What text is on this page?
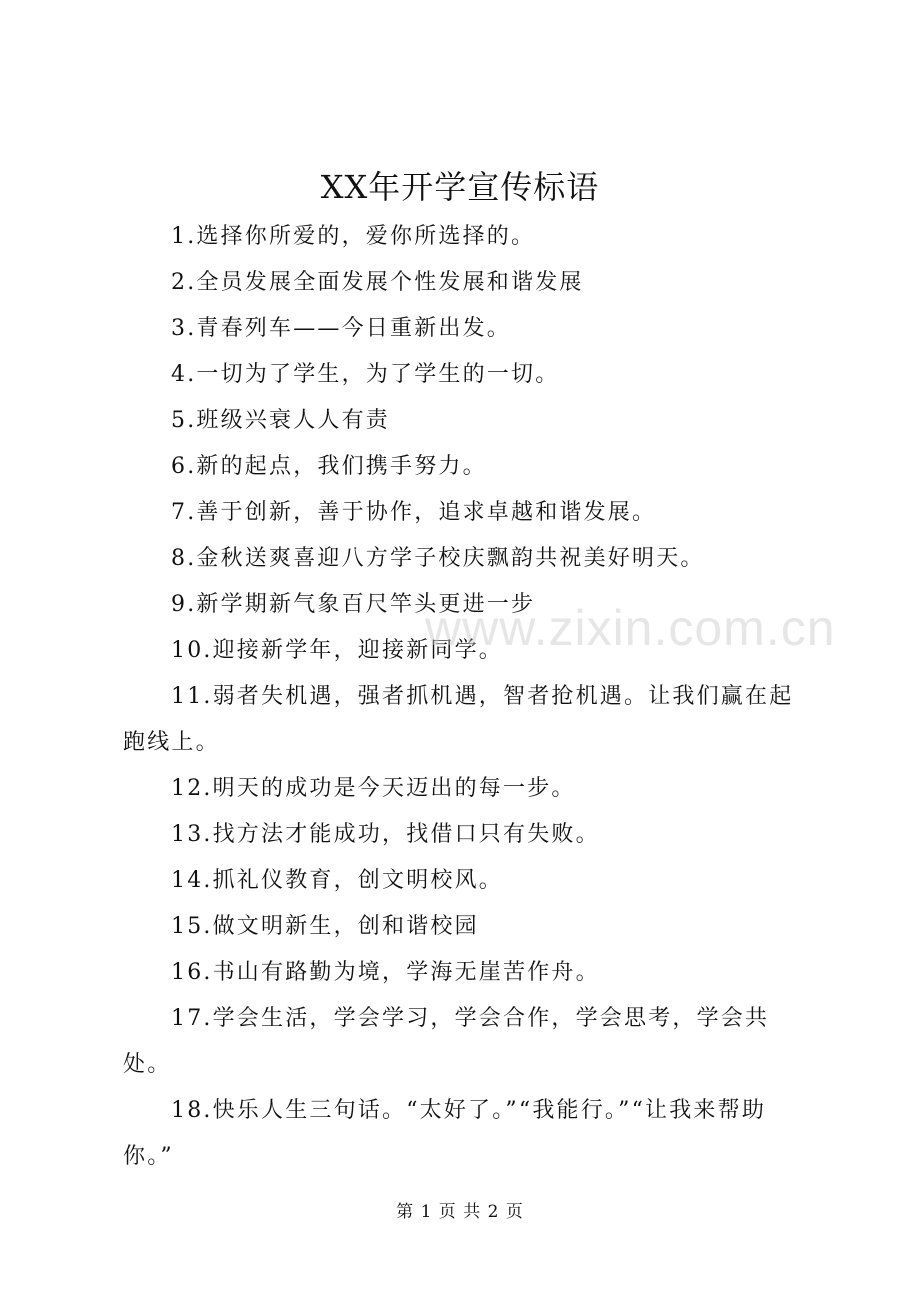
XX年开学宣传标语

1.选择你所爱的，爱你所选择的。

2.全员发展全面发展个性发展和谐发展

3.青春列车——今日重新出发。

4.一切为了学生，为了学生的一切。

5.班级兴衰人人有责

6.新的起点，我们携手努力。

7.善于创新，善于协作，追求卓越和谐发展。

8.金秋送爽喜迎八方学子校庆飘韵共祝美好明天。

9.新学期新气象百尺竿头更进一步

10.迎接新学年，迎接新同学。

11.弱者失机遇，强者抓机遇，智者抢机遇。让我们赢在起跑线上。

12.明天的成功是今天迈出的每一步。

13.找方法才能成功，找借口只有失败。

14.抓礼仪教育，创文明校风。

15.做文明新生，创和谐校园

16.书山有路勤为境，学海无崖苦作舟。

17.学会生活，学会学习，学会合作，学会思考，学会共处。

18.快乐人生三句话。“太好了。”“我能行。”“让我来帮助你。”

www.zixin.com.cn
第 1 页 共 2 页
